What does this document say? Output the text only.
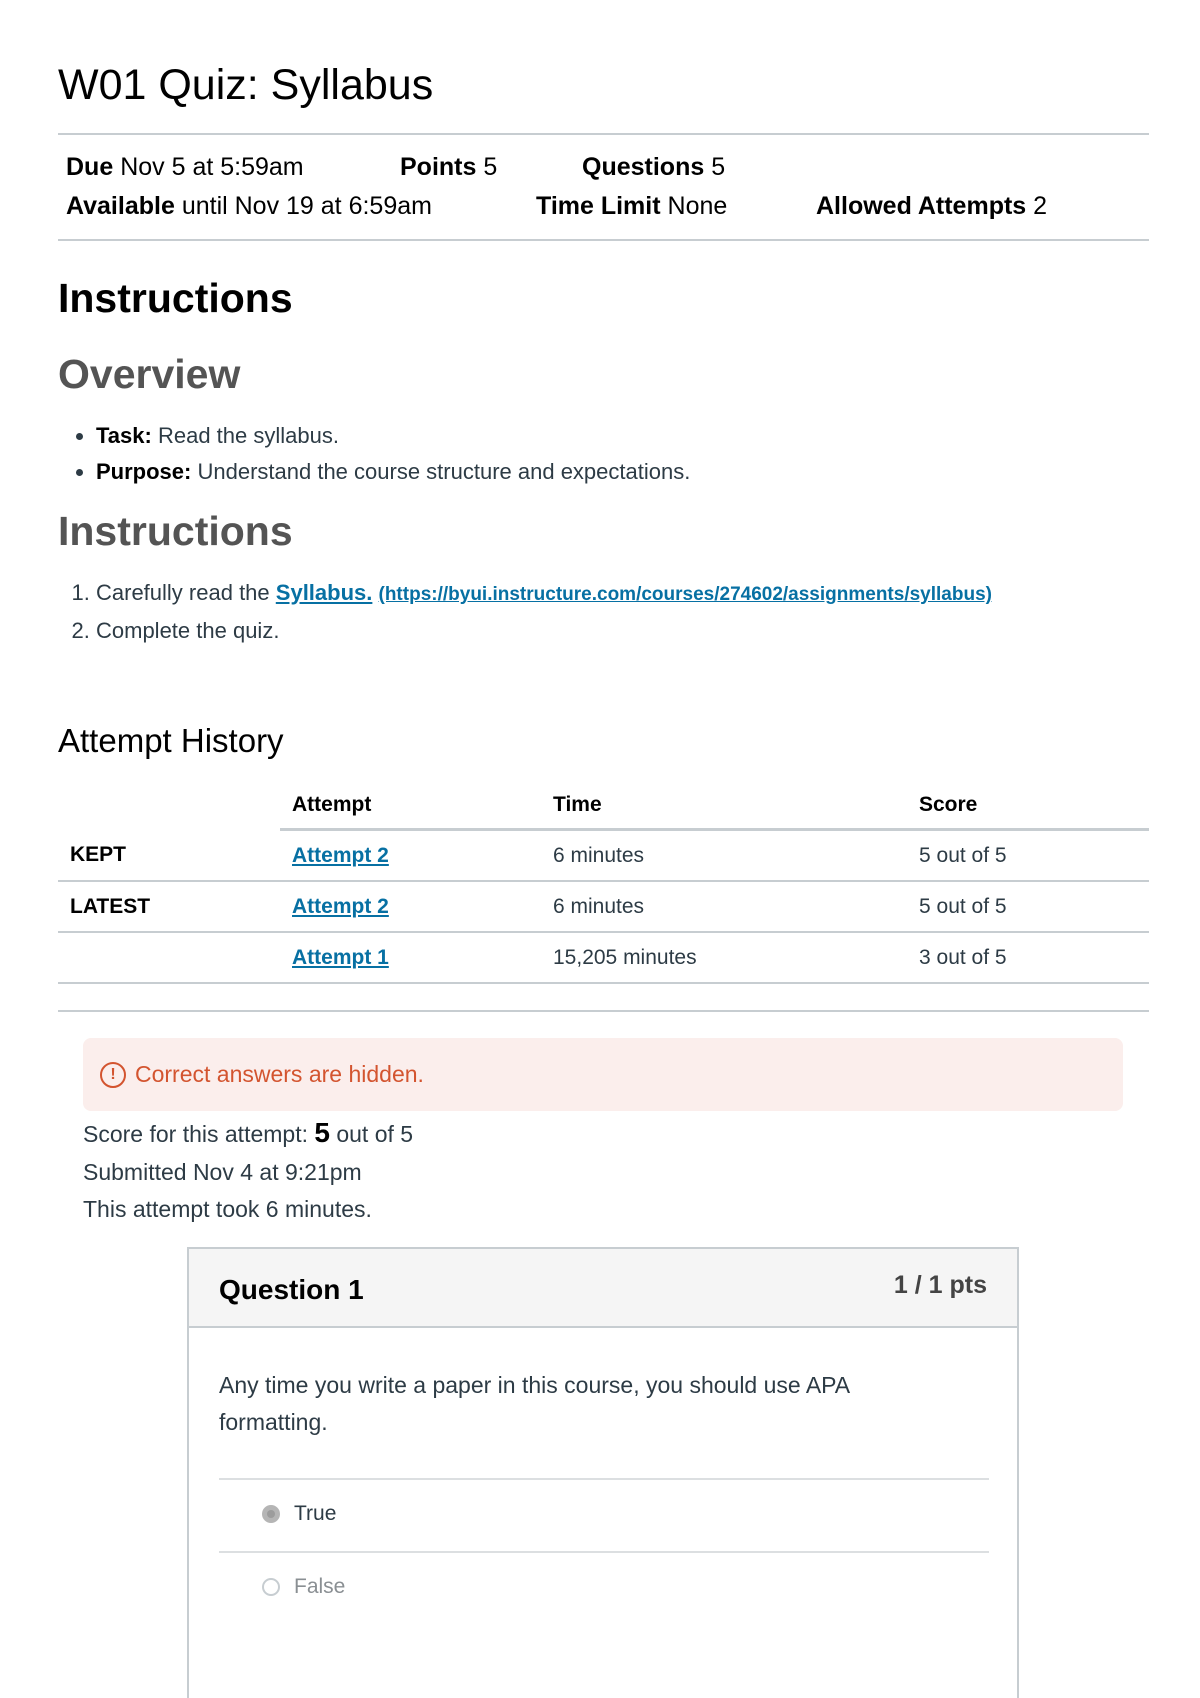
W01 Quiz: Syllabus
Due Nov 5 at 5:59am	Points 5	Questions 5
Available until Nov 19 at 6:59am	Time Limit None	Allowed Attempts 2
Instructions
Overview
• Task: Read the syllabus.
• Purpose: Understand the course structure and expectations.
Instructions
1. Carefully read the Syllabus. (https://byui.instructure.com/courses/274602/assignments/syllabus)
2. Complete the quiz.
Attempt History
	Attempt	Time	Score
KEPT	Attempt 2	6 minutes	5 out of 5
LATEST	Attempt 2	6 minutes	5 out of 5
	Attempt 1	15,205 minutes	3 out of 5
! Correct answers are hidden.
Score for this attempt: 5 out of 5
Submitted Nov 4 at 9:21pm
This attempt took 6 minutes.
Question 1	1 / 1 pts
Any time you write a paper in this course, you should use APA formatting.
True
False
